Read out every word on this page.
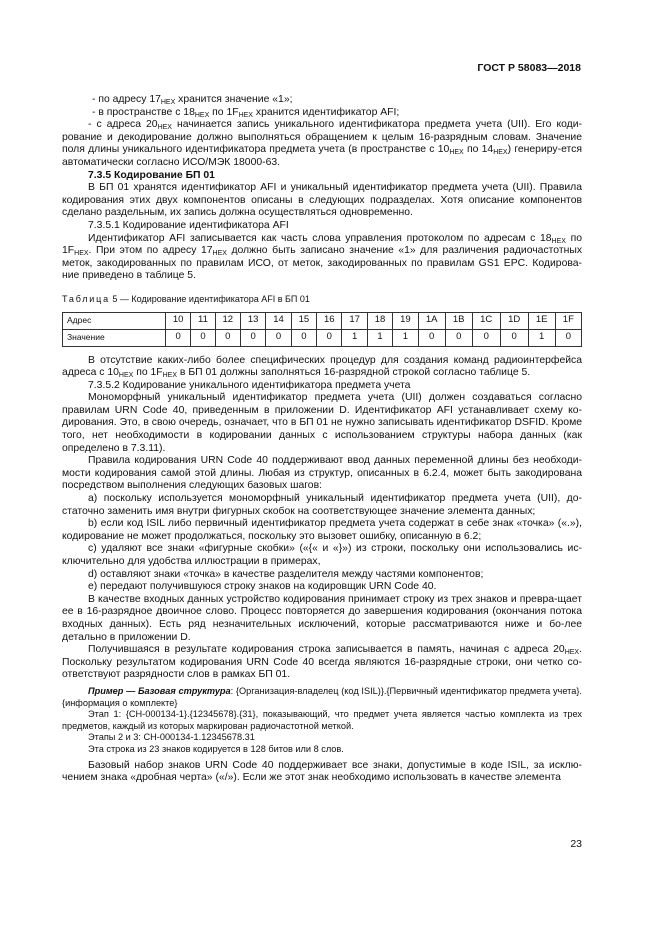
ГОСТ Р 58083—2018

- по адресу $17_{HEX}$ хранится значение «1»;

- в пространстве с $18_{HEX}$ по $1F_{HEX}$ хранится идентификатор AFI;

- с адреса $20_{HEX}$ начинается запись уникального идентификатора предмета учета (UII). Его коди-рование и декодирование должно выполняться обращением к целым 16-разрядным словам. Значение поля длины уникального идентификатора предмета учета (в пространстве с $10_{HEX}$ по $14_{HEX}$) генериру-ется автоматически согласно ИСО/МЭК 18000-63.

7.3.5 Кодирование БП 01

В БП 01 хранятся идентификатор AFI и уникальный идентификатор предмета учета (UII). Правила кодирования этих двух компонентов описаны в следующих подразделах. Хотя описание компонентов сделано раздельным, их запись должна осуществляться одновременно.

7.3.5.1 Кодирование идентификатора AFI

Идентификатор AFI записывается как часть слова управления протоколом по адресам с $18_{HEX}$ по $1F_{HEX}$. При этом по адресу $17_{HEX}$ должно быть записано значение «1» для различения радиочастотных меток, закодированных по правилам ИСО, от меток, закодированных по правилам GS1 EPC. Кодирова-ние приведено в таблице 5.

Таблица 5 — Кодирование идентификатора AFI в БП 01

Адрес	10	11	12	13	14	15	16	17	18	19	1A	1B	1C	1D	1E	1F
Значение	0	0	0	0	0	0	0	1	1	1	0	0	0	0	1	0

В отсутствие каких-либо более специфических процедур для создания команд радиоинтерфейса адреса с $10_{HEX}$ по $1F_{HEX}$ в БП 01 должны заполняться 16-разрядной строкой согласно таблице 5.

7.3.5.2 Кодирование уникального идентификатора предмета учета

Мономорфный уникальный идентификатор предмета учета (UII) должен создаваться согласно правилам URN Code 40, приведенным в приложении D. Идентификатор AFI устанавливает схему ко-дирования. Это, в свою очередь, означает, что в БП 01 не нужно записывать идентификатор DSFID. Кроме того, нет необходимости в кодировании данных с использованием структуры набора данных (как определено в 7.3.11).

Правила кодирования URN Code 40 поддерживают ввод данных переменной длины без необходи-мости кодирования самой этой длины. Любая из структур, описанных в 6.2.4, может быть закодирована посредством выполнения следующих базовых шагов:

а) поскольку используется мономорфный уникальный идентификатор предмета учета (UII), до-статочно заменить имя внутри фигурных скобок на соответствующее значение элемента данных;

b) если код ISIL либо первичный идентификатор предмета учета содержат в себе знак «точка» («.»), кодирование не может продолжаться, поскольку это вызовет ошибку, описанную в 6.2;

c) удаляют все знаки «фигурные скобки» («{« и «}») из строки, поскольку они использовались ис-ключительно для удобства иллюстрации в примерах,

d) оставляют знаки «точка» в качестве разделителя между частями компонентов;

e) передают получившуюся строку знаков на кодировщик URN Code 40.

В качестве входных данных устройство кодирования принимает строку из трех знаков и превра-щает ее в 16-разрядное двоичное слово. Процесс повторяется до завершения кодирования (окончания потока входных данных). Есть ряд незначительных исключений, которые рассматриваются ниже и бо-лее детально в приложении D.

Получившаяся в результате кодирования строка записывается в память, начиная с адреса $20_{HEX}$. Поскольку результатом кодирования URN Code 40 всегда являются 16-разрядные строки, они четко со-ответствуют разрядности слов в рамках БП 01.

Пример — Базовая структура: {Организация-владелец (код ISIL)}.{Первичный идентификатор предмета учета}.{информация о комплекте}

Этап 1: {CH-000134-1}.{12345678}.{31}, показывающий, что предмет учета является частью комплекта из трех предметов, каждый из которых маркирован радиочастотной меткой.

Этапы 2 и 3: CH-000134-1.12345678.31

Эта строка из 23 знаков кодируется в 128 битов или 8 слов.

Базовый набор знаков URN Code 40 поддерживает все знаки, допустимые в коде ISIL, за исклю-чением знака «дробная черта» («/»). Если же этот знак необходимо использовать в качестве элемента

23
